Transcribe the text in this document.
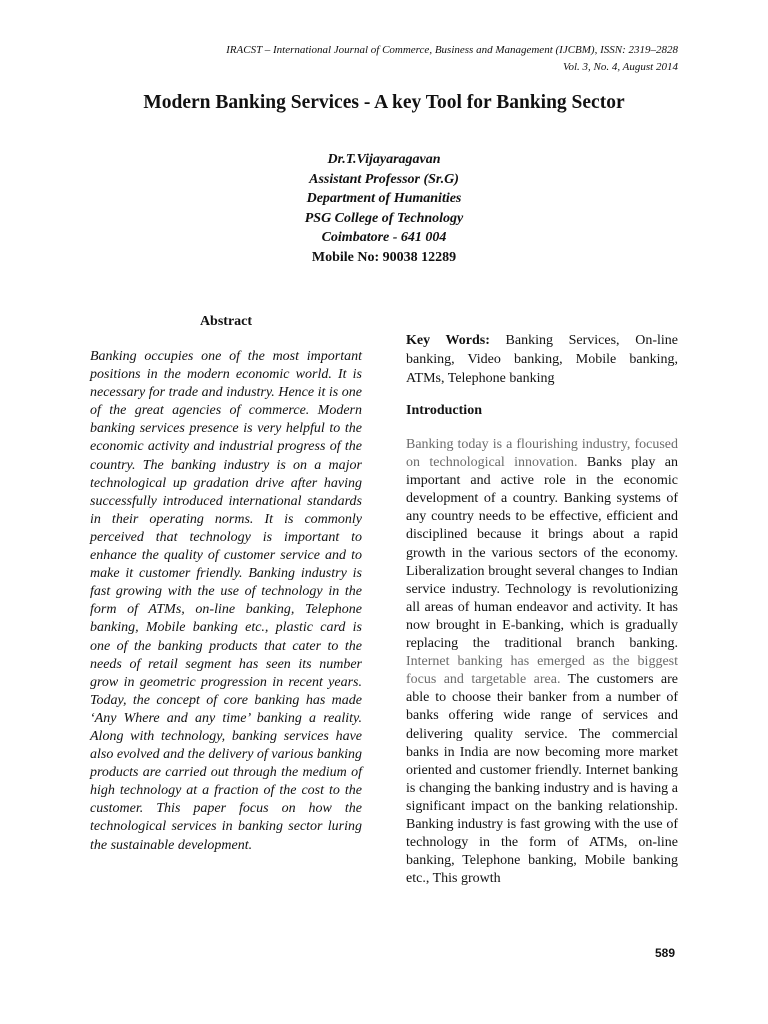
IRACST – International Journal of Commerce, Business and Management (IJCBM), ISSN: 2319–2828
Vol. 3, No. 4, August 2014
Modern Banking Services - A key Tool for Banking Sector
Dr.T.Vijayaragavan
Assistant Professor (Sr.G)
Department of Humanities
PSG College of Technology
Coimbatore - 641 004
Mobile No: 90038 12289
Abstract
Banking occupies one of the most important positions in the modern economic world. It is necessary for trade and industry. Hence it is one of the great agencies of commerce. Modern banking services presence is very helpful to the economic activity and industrial progress of the country. The banking industry is on a major technological up gradation drive after having successfully introduced international standards in their operating norms. It is commonly perceived that technology is important to enhance the quality of customer service and to make it customer friendly. Banking industry is fast growing with the use of technology in the form of ATMs, on-line banking, Telephone banking, Mobile banking etc., plastic card is one of the banking products that cater to the needs of retail segment has seen its number grow in geometric progression in recent years. Today, the concept of core banking has made ‘Any Where and any time’ banking a reality. Along with technology, banking services have also evolved and the delivery of various banking products are carried out through the medium of high technology at a fraction of the cost to the customer. This paper focus on how the technological services in banking sector luring the sustainable development.
Key Words: Banking Services, On-line banking, Video banking, Mobile banking, ATMs, Telephone banking
Introduction
Banking today is a flourishing industry, focused on technological innovation. Banks play an important and active role in the economic development of a country. Banking systems of any country needs to be effective, efficient and disciplined because it brings about a rapid growth in the various sectors of the economy. Liberalization brought several changes to Indian service industry. Technology is revolutionizing all areas of human endeavor and activity. It has now brought in E-banking, which is gradually replacing the traditional branch banking. Internet banking has emerged as the biggest focus and targetable area. The customers are able to choose their banker from a number of banks offering wide range of services and delivering quality service. The commercial banks in India are now becoming more market oriented and customer friendly. Internet banking is changing the banking industry and is having a significant impact on the banking relationship. Banking industry is fast growing with the use of technology in the form of ATMs, on-line banking, Telephone banking, Mobile banking etc., This growth
589
